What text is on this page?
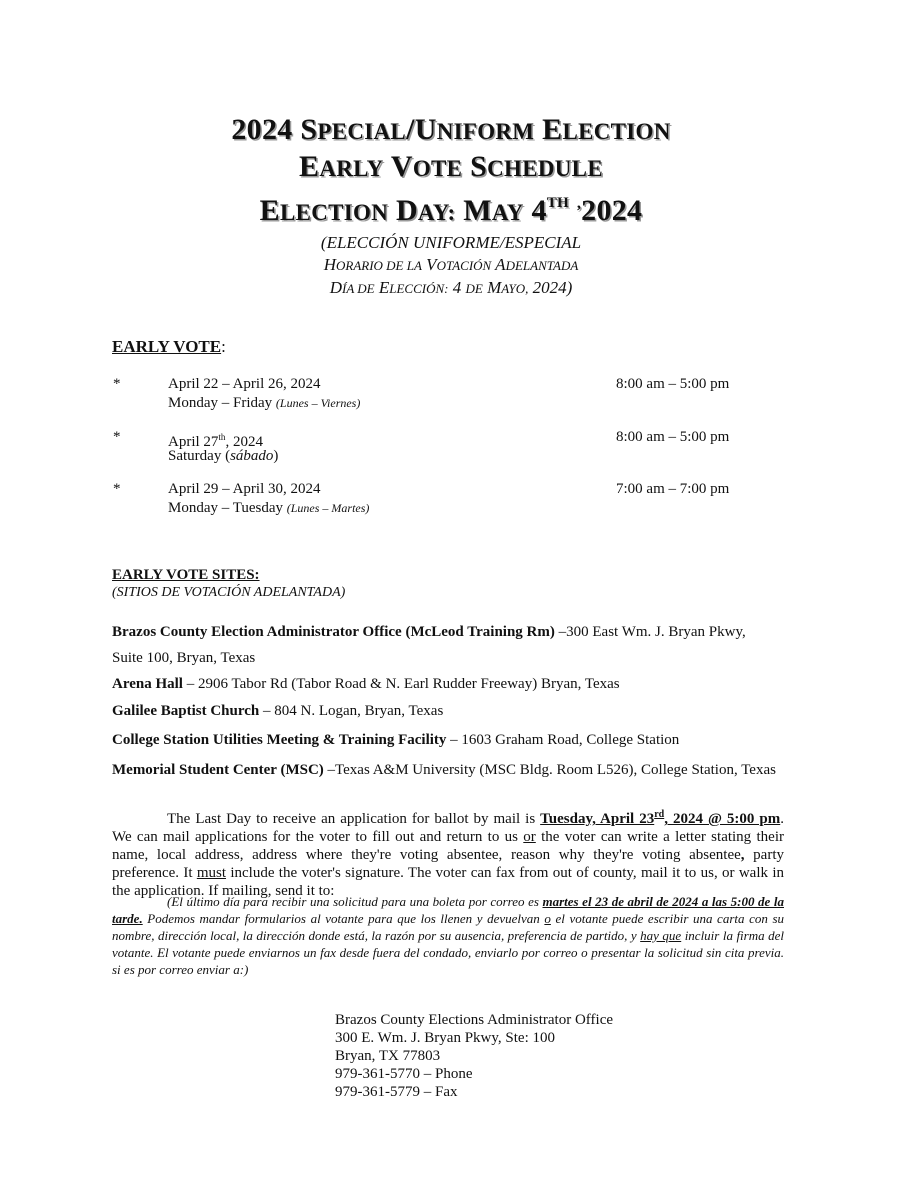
2024 SPECIAL/UNIFORM ELECTION
EARLY VOTE SCHEDULE
ELECTION DAY: MAY 4TH ,2024
(ELECCIÓN UNIFORME/ESPECIAL
HORARIO DE LA VOTACIÓN ADELANTADA
DÍA DE ELECCIÓN: 4 DE MAYO, 2024)
EARLY VOTE:
*	April 22 – April 26, 2024
Monday – Friday (Lunes – Viernes)
8:00 am – 5:00 pm
*	April 27th, 2024
Saturday (sábado)
8:00 am – 5:00 pm
*	April 29 – April 30, 2024
Monday – Tuesday (Lunes – Martes)
7:00 am – 7:00 pm
EARLY VOTE SITES:
(SITIOS DE VOTACIÓN ADELANTADA)
Brazos County Election Administrator Office (McLeod Training Rm) –300 East Wm. J. Bryan Pkwy,
Suite 100, Bryan, Texas
Arena Hall – 2906 Tabor Rd (Tabor Road & N. Earl Rudder Freeway) Bryan, Texas
Galilee Baptist Church – 804 N. Logan, Bryan, Texas
College Station Utilities Meeting & Training Facility – 1603 Graham Road, College Station
Memorial Student Center (MSC) –Texas A&M University (MSC Bldg. Room L526), College Station, Texas
The Last Day to receive an application for ballot by mail is Tuesday, April 23rd, 2024 @ 5:00 pm. We can mail applications for the voter to fill out and return to us or the voter can write a letter stating their name, local address, address where they're voting absentee, reason why they're voting absentee, party preference. It must include the voter's signature. The voter can fax from out of county, mail it to us, or walk in the application. If mailing, send it to:
(El último día para recibir una solicitud para una boleta por correo es martes el 23 de abril de 2024 a las 5:00 de la tarde. Podemos mandar formularios al votante para que los llenen y devuelvan o el votante puede escribir una carta con su nombre, dirección local, la dirección donde está, la razón por su ausencia, preferencia de partido, y hay que incluir la firma del votante. El votante puede enviarnos un fax desde fuera del condado, enviarlo por correo o presentar la solicitud sin cita previa. si es por correo enviar a:)
Brazos County Elections Administrator Office
300 E. Wm. J. Bryan Pkwy, Ste: 100
Bryan, TX 77803
979-361-5770 – Phone
979-361-5779 – Fax
